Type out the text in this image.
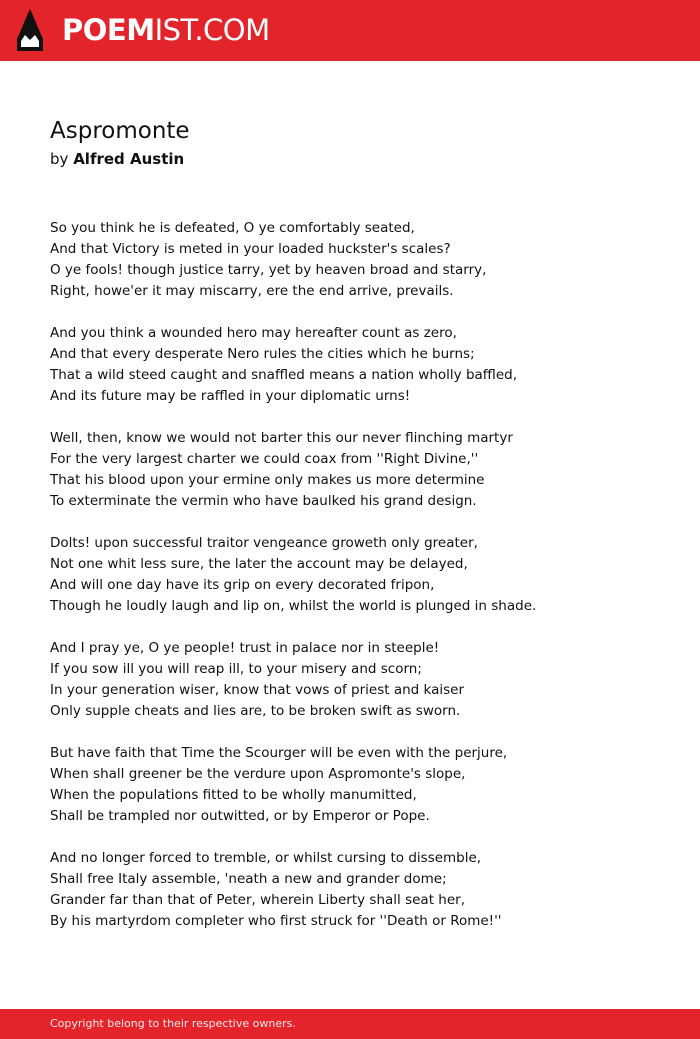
POEMIST.COM
Aspromonte
by Alfred Austin
So you think he is defeated, O ye comfortably seated,
And that Victory is meted in your loaded huckster's scales?
O ye fools! though justice tarry, yet by heaven broad and starry,
Right, howe'er it may miscarry, ere the end arrive, prevails.
And you think a wounded hero may hereafter count as zero,
And that every desperate Nero rules the cities which he burns;
That a wild steed caught and snaffled means a nation wholly baffled,
And its future may be raffled in your diplomatic urns!
Well, then, know we would not barter this our never flinching martyr
For the very largest charter we could coax from ''Right Divine,''
That his blood upon your ermine only makes us more determine
To exterminate the vermin who have baulked his grand design.
Dolts! upon successful traitor vengeance groweth only greater,
Not one whit less sure, the later the account may be delayed,
And will one day have its grip on every decorated fripon,
Though he loudly laugh and lip on, whilst the world is plunged in shade.
And I pray ye, O ye people! trust in palace nor in steeple!
If you sow ill you will reap ill, to your misery and scorn;
In your generation wiser, know that vows of priest and kaiser
Only supple cheats and lies are, to be broken swift as sworn.
But have faith that Time the Scourger will be even with the perjure,
When shall greener be the verdure upon Aspromonte's slope,
When the populations fitted to be wholly manumitted,
Shall be trampled nor outwitted, or by Emperor or Pope.
And no longer forced to tremble, or whilst cursing to dissemble,
Shall free Italy assemble, 'neath a new and grander dome;
Grander far than that of Peter, wherein Liberty shall seat her,
By his martyrdom completer who first struck for ''Death or Rome!''
Copyright belong to their respective owners.
